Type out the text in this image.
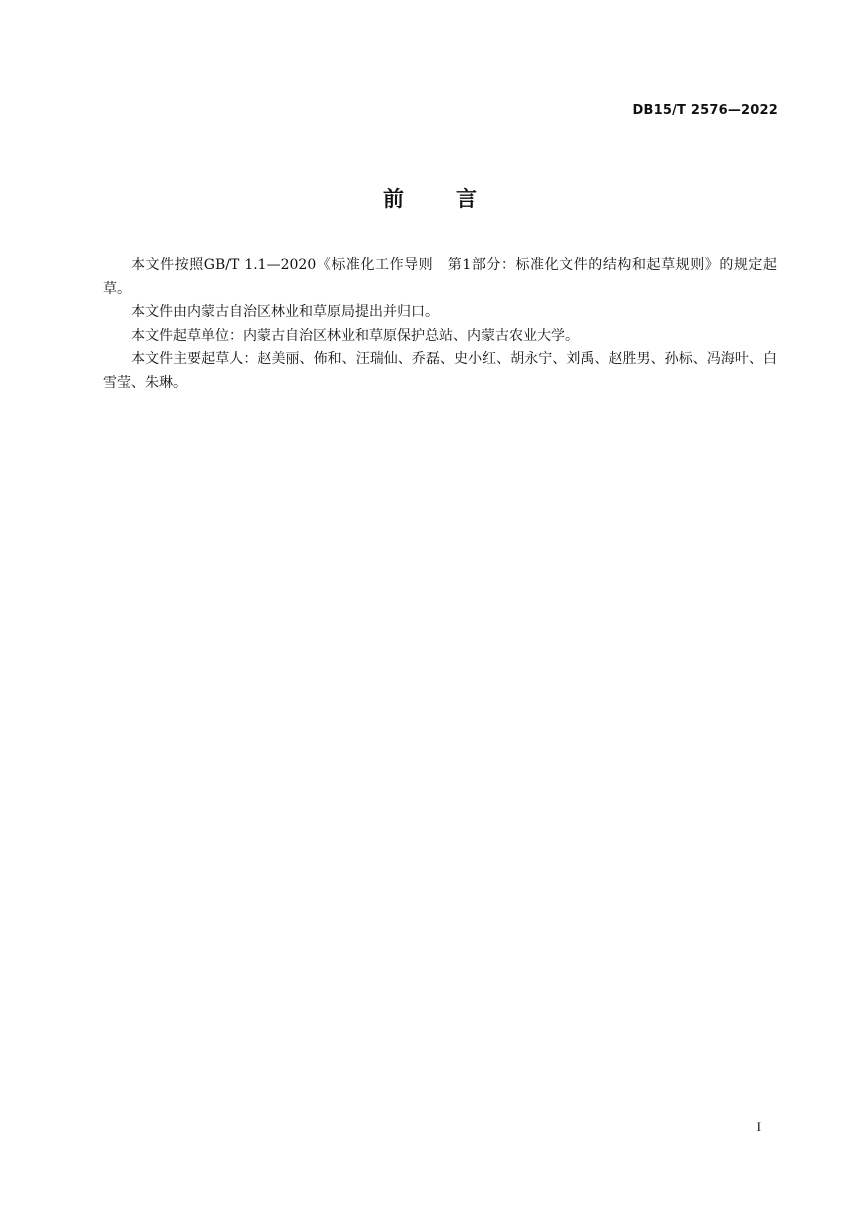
DB15/T 2576—2022
前言

本文件按照GB/T 1.1—2020《标准化工作导则　第1部分：标准化文件的结构和起草规则》的规定起草。

本文件由内蒙古自治区林业和草原局提出并归口。

本文件起草单位：内蒙古自治区林业和草原保护总站、内蒙古农业大学。

本文件主要起草人：赵美丽、佈和、汪瑞仙、乔磊、史小红、胡永宁、刘禹、赵胜男、孙标、冯海叶、白雪莹、朱琳。

I
